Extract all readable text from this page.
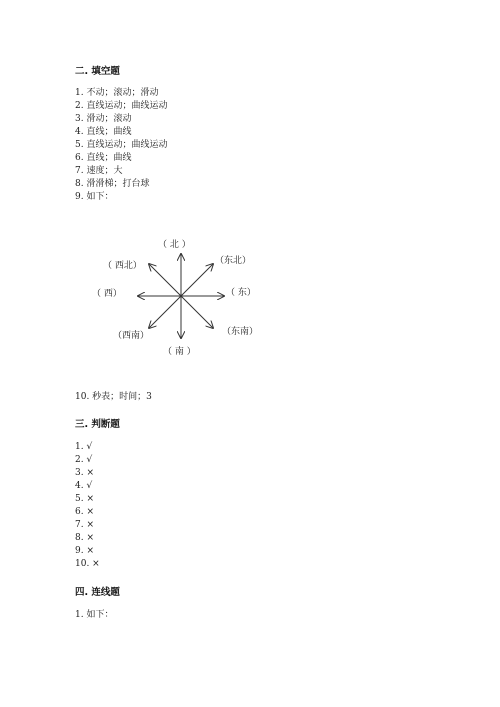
二. 填空题
1. 不动；滚动；滑动
2. 直线运动；曲线运动
3. 滑动；滚动
4. 直线；曲线
5. 直线运动；曲线运动
6. 直线；曲线
7. 速度；大
8. 滑滑梯；打台球
9. 如下：
（ 北 ）
（东北）
（ 东）
（东南）
（ 南 ）
（西南）
（ 西）
（ 西北）
10. 秒表；时间；3
三. 判断题
1. √
2. √
3. ×
4. √
5. ×
6. ×
7. ×
8. ×
9. ×
10. ×
四. 连线题
1. 如下：
